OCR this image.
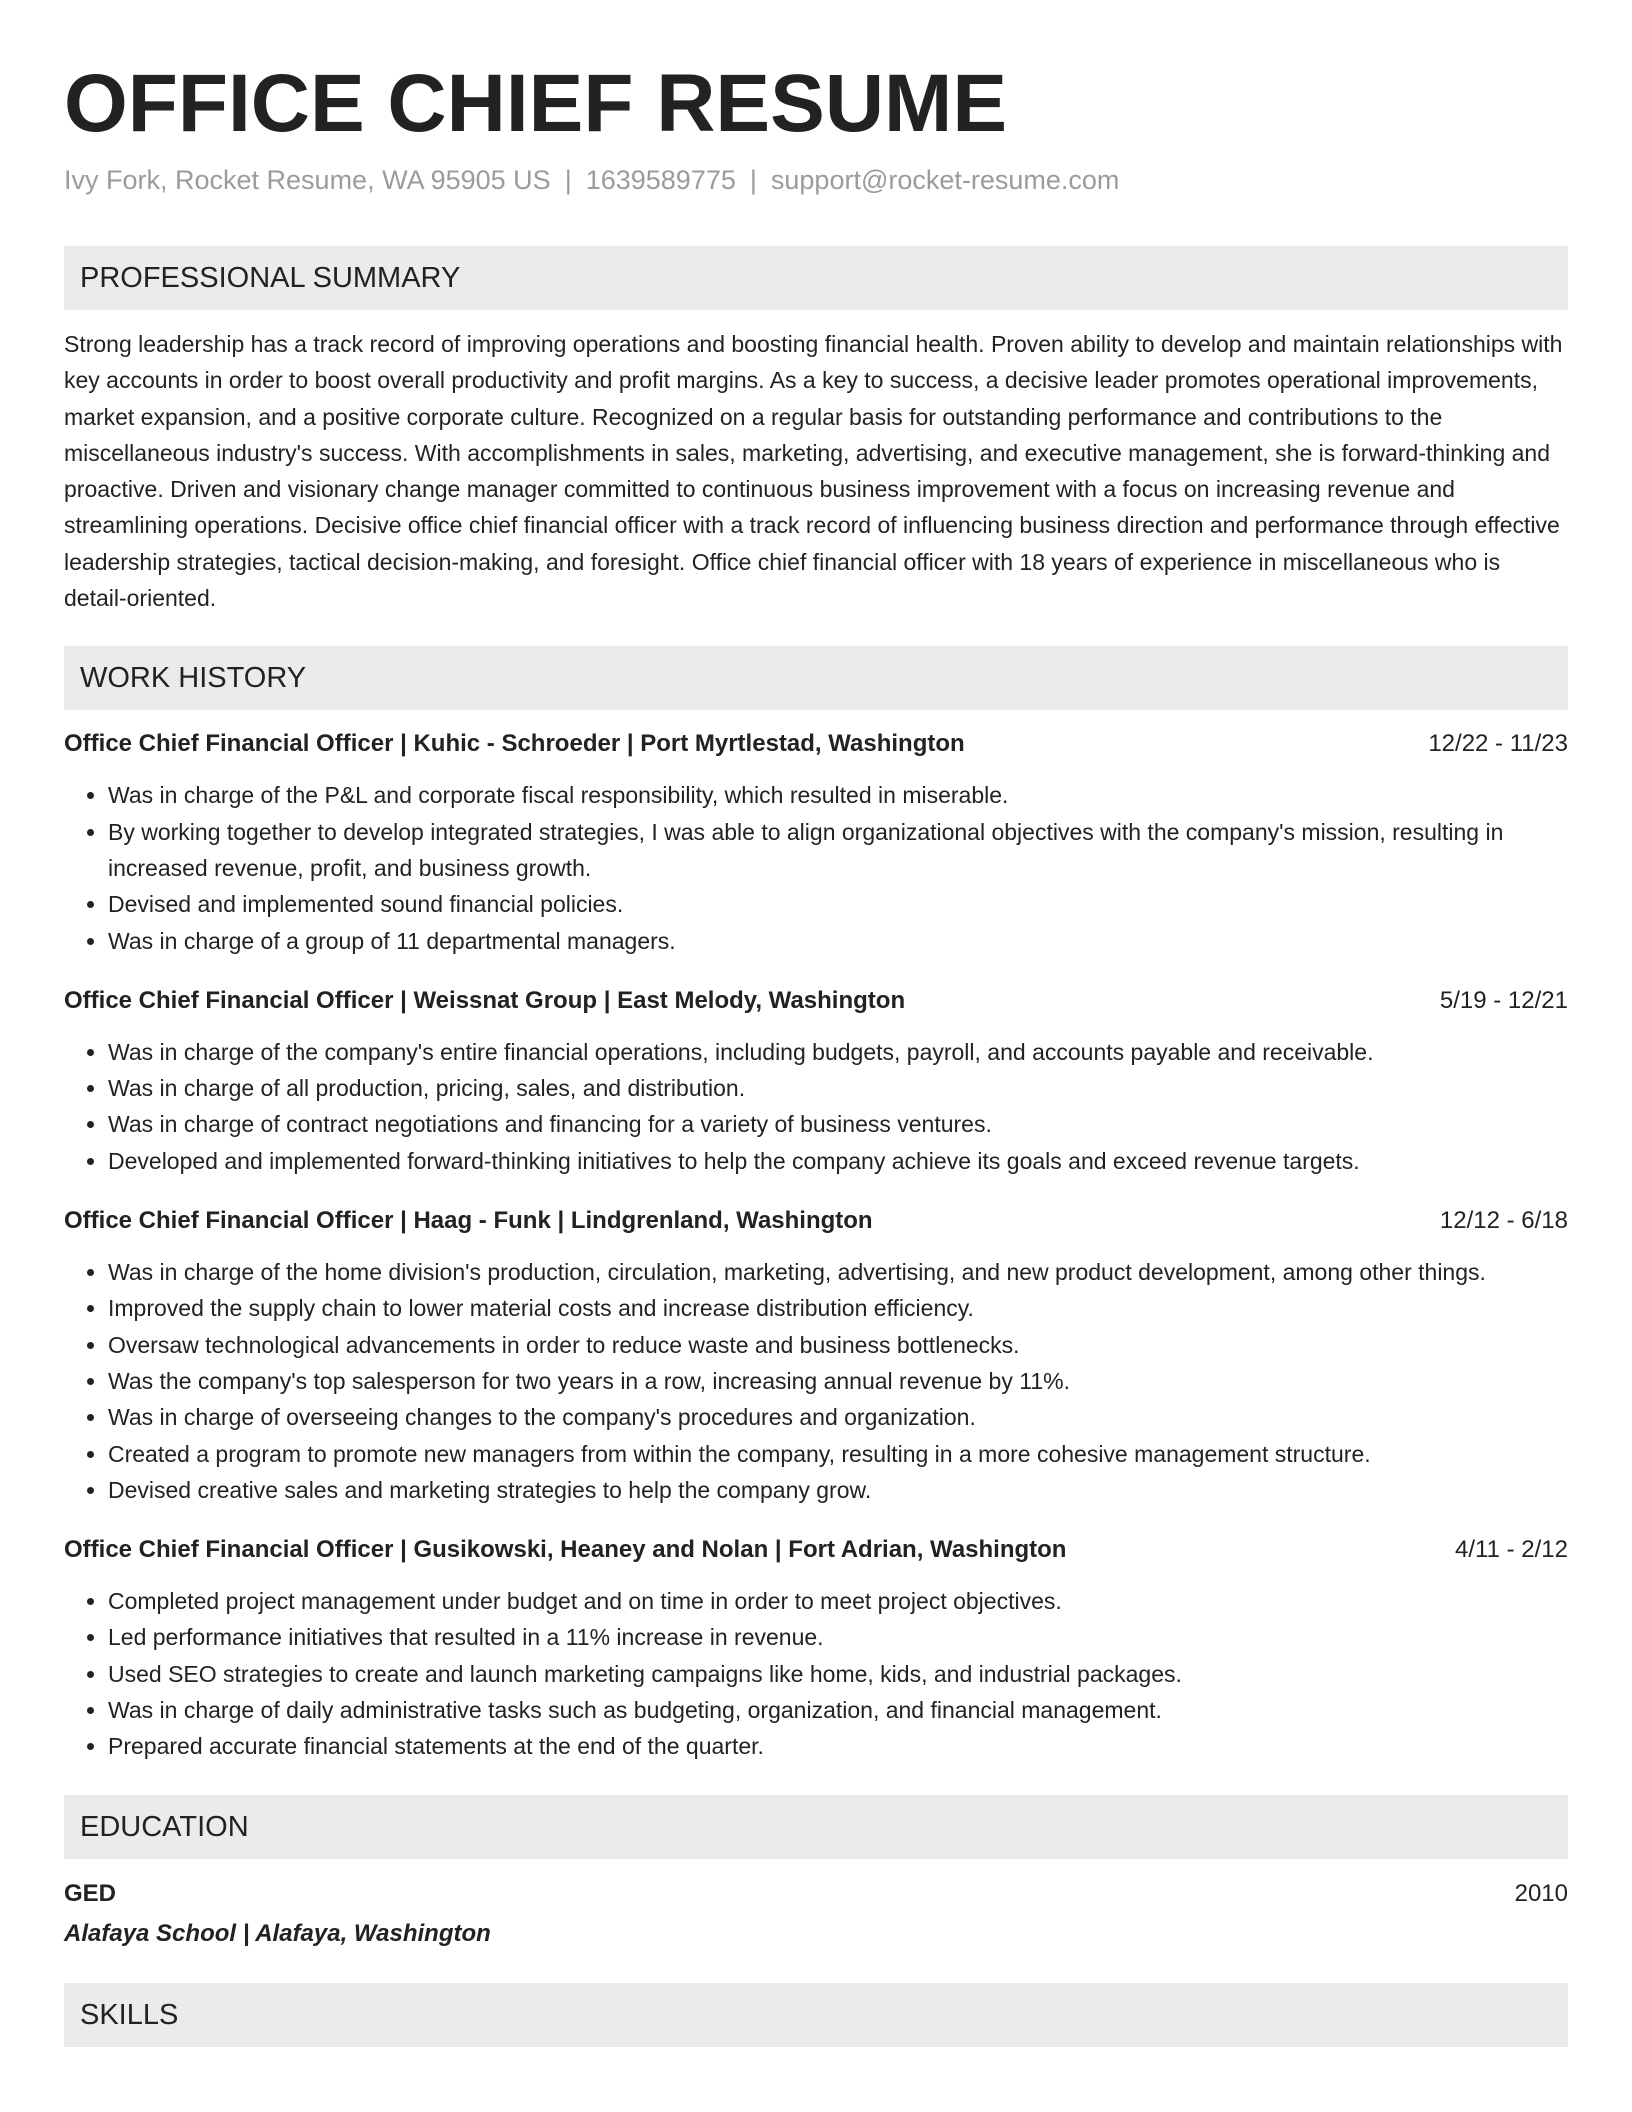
OFFICE CHIEF RESUME
Ivy Fork, Rocket Resume, WA 95905 US | 1639589775 | support@rocket-resume.com
PROFESSIONAL SUMMARY

Strong leadership has a track record of improving operations and boosting financial health. Proven ability to develop and maintain relationships with key accounts in order to boost overall productivity and profit margins. As a key to success, a decisive leader promotes operational improvements, market expansion, and a positive corporate culture. Recognized on a regular basis for outstanding performance and contributions to the miscellaneous industry's success. With accomplishments in sales, marketing, advertising, and executive management, she is forward-thinking and proactive. Driven and visionary change manager committed to continuous business improvement with a focus on increasing revenue and streamlining operations. Decisive office chief financial officer with a track record of influencing business direction and performance through effective leadership strategies, tactical decision-making, and foresight. Office chief financial officer with 18 years of experience in miscellaneous who is detail-oriented.

WORK HISTORY
Office Chief Financial Officer | Kuhic - Schroeder | Port Myrtlestad, Washington	12/22 - 11/23
• Was in charge of the P&L and corporate fiscal responsibility, which resulted in miserable.
• By working together to develop integrated strategies, I was able to align organizational objectives with the company's mission, resulting in increased revenue, profit, and business growth.
• Devised and implemented sound financial policies.
• Was in charge of a group of 11 departmental managers.
Office Chief Financial Officer | Weissnat Group | East Melody, Washington	5/19 - 12/21
• Was in charge of the company's entire financial operations, including budgets, payroll, and accounts payable and receivable.
• Was in charge of all production, pricing, sales, and distribution.
• Was in charge of contract negotiations and financing for a variety of business ventures.
• Developed and implemented forward-thinking initiatives to help the company achieve its goals and exceed revenue targets.
Office Chief Financial Officer | Haag - Funk | Lindgrenland, Washington	12/12 - 6/18
• Was in charge of the home division's production, circulation, marketing, advertising, and new product development, among other things.
• Improved the supply chain to lower material costs and increase distribution efficiency.
• Oversaw technological advancements in order to reduce waste and business bottlenecks.
• Was the company's top salesperson for two years in a row, increasing annual revenue by 11%.
• Was in charge of overseeing changes to the company's procedures and organization.
• Created a program to promote new managers from within the company, resulting in a more cohesive management structure.
• Devised creative sales and marketing strategies to help the company grow.
Office Chief Financial Officer | Gusikowski, Heaney and Nolan | Fort Adrian, Washington	4/11 - 2/12
• Completed project management under budget and on time in order to meet project objectives.
• Led performance initiatives that resulted in a 11% increase in revenue.
• Used SEO strategies to create and launch marketing campaigns like home, kids, and industrial packages.
• Was in charge of daily administrative tasks such as budgeting, organization, and financial management.
• Prepared accurate financial statements at the end of the quarter.
EDUCATION
GED	2010
Alafaya School | Alafaya, Washington
SKILLS
